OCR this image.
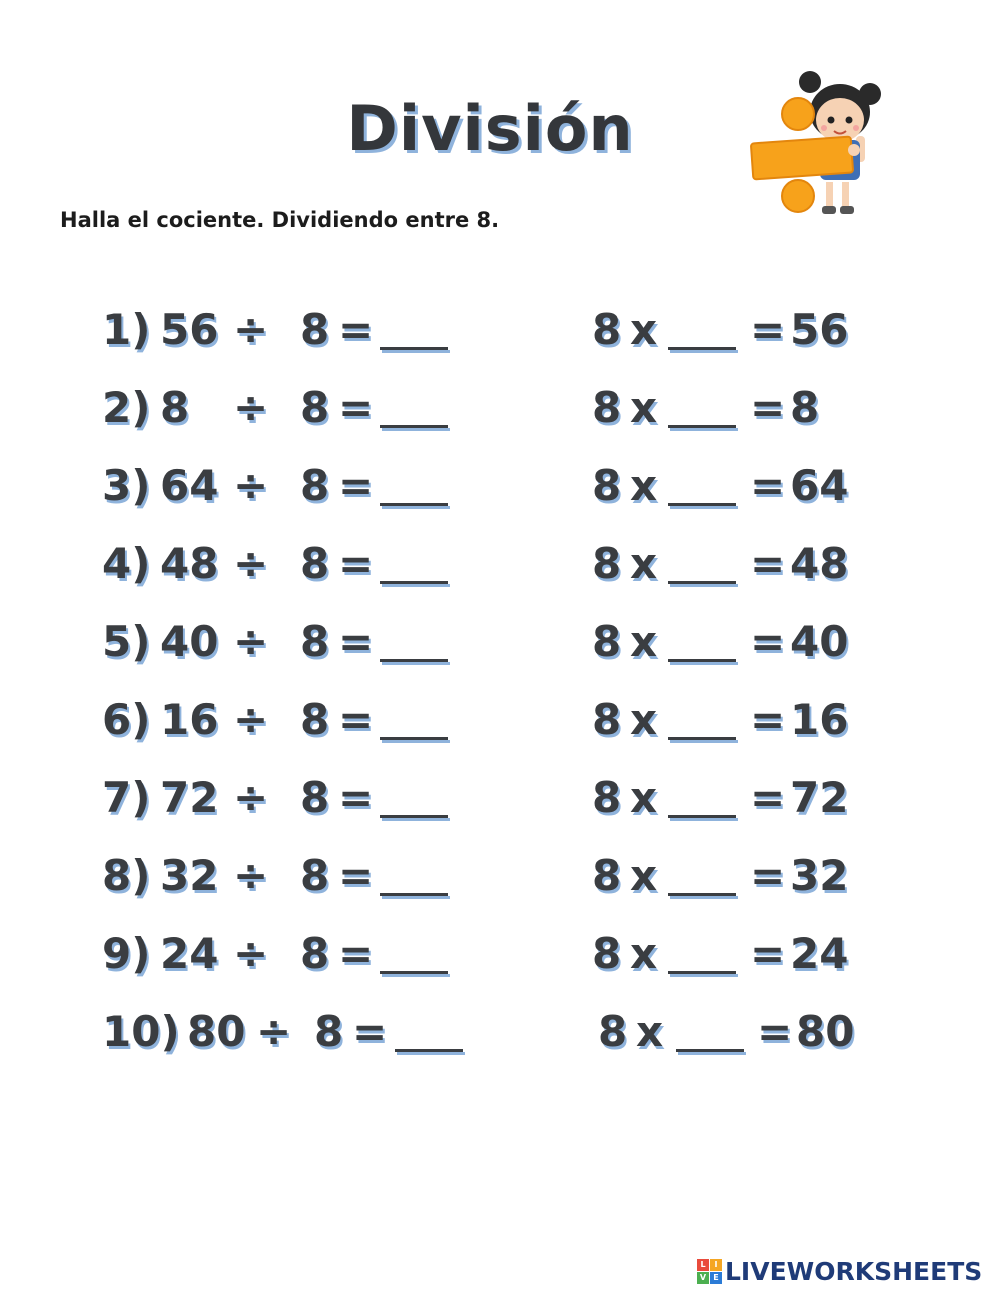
División
Halla el cociente. Dividiendo entre 8.
1) 56 ÷ 8 =	8 x = 56
2) 8 ÷ 8 =	8 x = 8
3) 64 ÷ 8 =	8 x = 64
4) 48 ÷ 8 =	8 x = 48
5) 40 ÷ 8 =	8 x = 40
6) 16 ÷ 8 =	8 x = 16
7) 72 ÷ 8 =	8 x = 72
8) 32 ÷ 8 =	8 x = 32
9) 24 ÷ 8 =	8 x = 24
10) 80 ÷ 8 =	8 x = 80
L	I
V E LIVEWORKSHEETS
